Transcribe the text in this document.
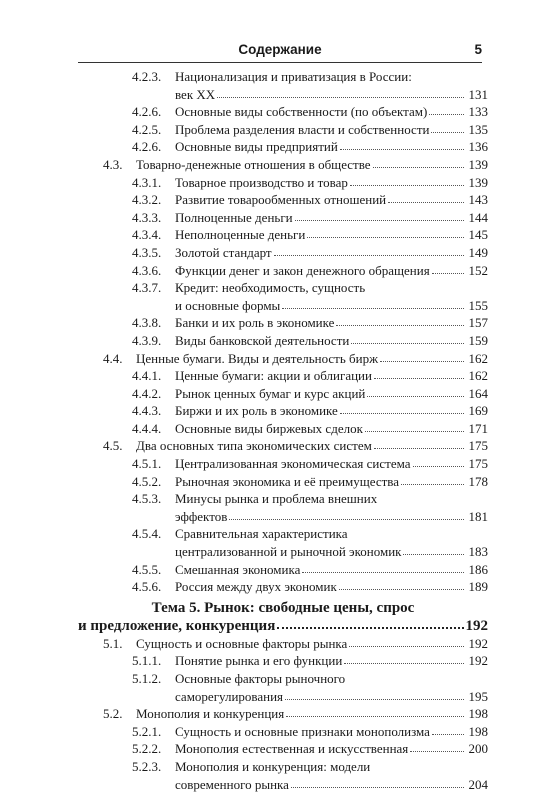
Содержание	5
4.2.3. Национализация и приватизация в России:
век XX	131
4.2.6. Основные виды собственности (по объектам)	133
4.2.5. Проблема разделения власти и собственности	135
4.2.6. Основные виды предприятий	136
4.3. Товарно-денежные отношения в обществе	139
4.3.1. Товарное производство и товар	139
4.3.2. Развитие товарообменных отношений	143
4.3.3. Полноценные деньги	144
4.3.4. Неполноценные деньги	145
4.3.5. Золотой стандарт	149
4.3.6. Функции денег и закон денежного обращения	152
4.3.7. Кредит: необходимость, сущность
и основные формы	155
4.3.8. Банки и их роль в экономике	157
4.3.9. Виды банковской деятельности	159
4.4. Ценные бумаги. Виды и деятельность бирж	162
4.4.1. Ценные бумаги: акции и облигации	162
4.4.2. Рынок ценных бумаг и курс акций	164
4.4.3. Биржи и их роль в экономике	169
4.4.4. Основные виды биржевых сделок	171
4.5. Два основных типа экономических систем	175
4.5.1. Централизованная экономическая система	175
4.5.2. Рыночная экономика и её преимущества	178
4.5.3. Минусы рынка и проблема внешних
эффектов	181
4.5.4. Сравнительная характеристика
централизованной и рыночной экономик	183
4.5.5. Смешанная экономика	186
4.5.6. Россия между двух экономик	189
Тема 5. Рынок: свободные цены, спрос
и предложение, конкуренция	192
5.1. Сущность и основные факторы рынка	192
5.1.1. Понятие рынка и его функции	192
5.1.2. Основные факторы рыночного
саморегулирования	195
5.2. Монополия и конкуренция	198
5.2.1. Сущность и основные признаки монополизма	198
5.2.2. Монополия естественная и искусственная	200
5.2.3. Монополия и конкуренция: модели
современного рынка	204
